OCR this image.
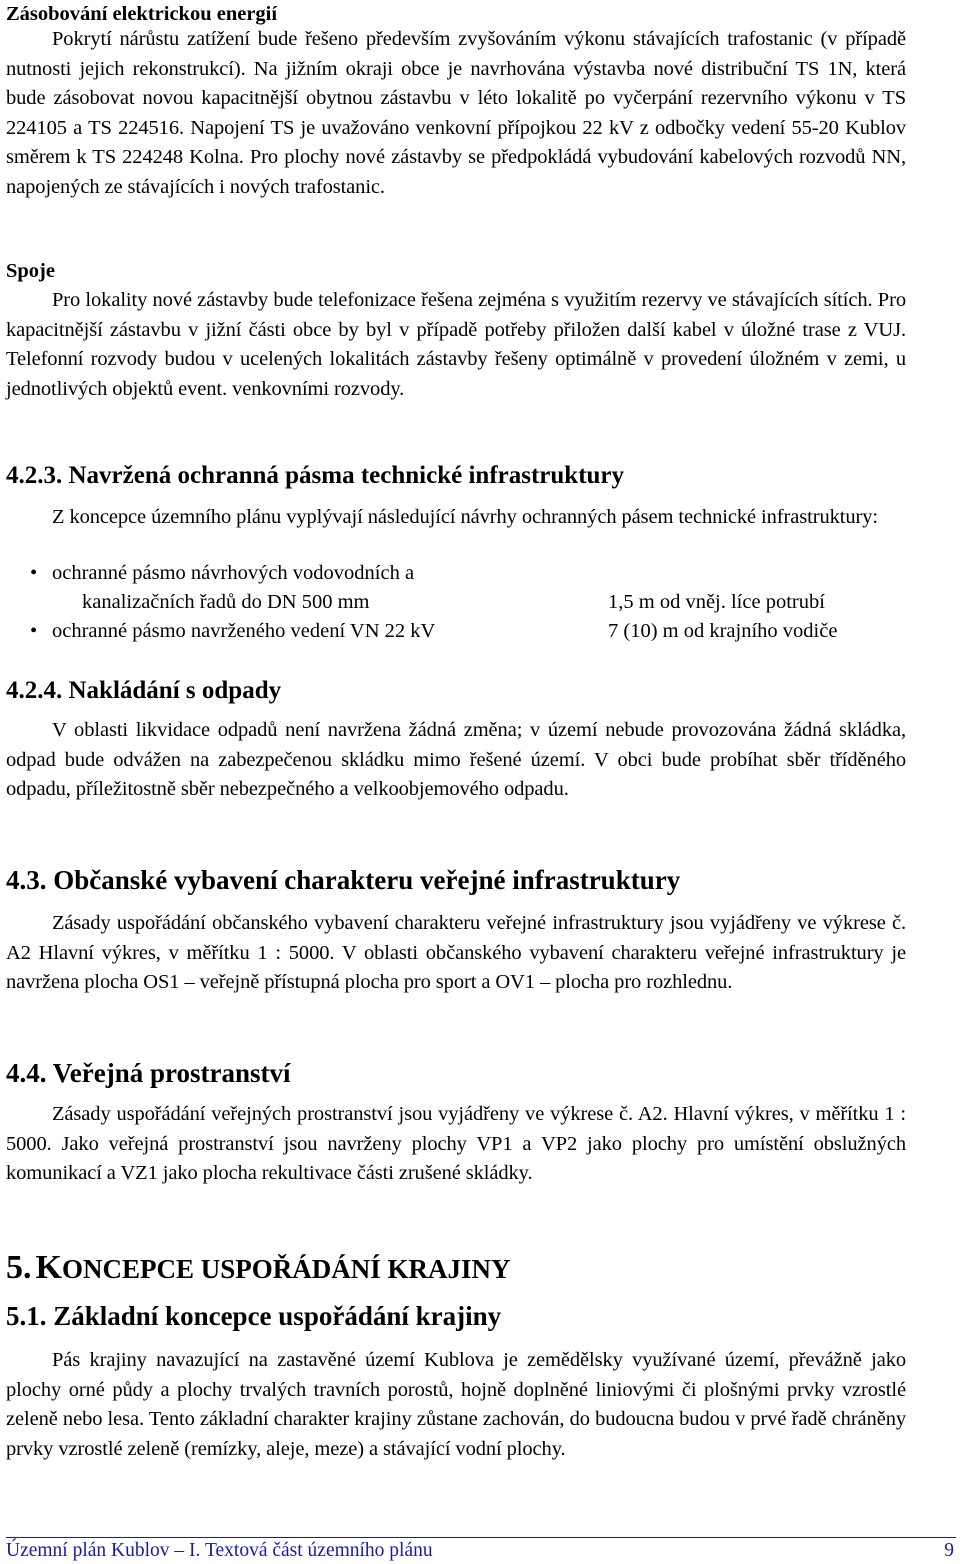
Zásobování elektrickou energií
Pokrytí nárůstu zatížení bude řešeno především zvyšováním výkonu stávajících trafostanic (v případě nutnosti jejich rekonstrukcí). Na jižním okraji obce je navrhována výstavba nové distribuční TS 1N, která bude zásobovat novou kapacitnější obytnou zástavbu v léto lokalitě po vyčerpání rezervního výkonu v TS 224105 a TS 224516. Napojení TS je uvažováno venkovní přípojkou 22 kV z odbočky vedení 55-20 Kublov směrem k TS 224248 Kolna. Pro plochy nové zástavby se předpokládá vybudování kabelových rozvodů NN, napojených ze stávajících i nových trafostanic.
Spoje
Pro lokality nové zástavby bude telefonizace řešena zejména s využitím rezervy ve stávajících sítích. Pro kapacitnější zástavbu v jižní části obce by byl v případě potřeby přiložen další kabel v úložné trase z VUJ. Telefonní rozvody budou v ucelených lokalitách zástavby řešeny optimálně v provedení úložném v zemi, u jednotlivých objektů event. venkovními rozvody.
4.2.3. Navržená ochranná pásma technické infrastruktury
Z koncepce územního plánu vyplývají následující návrhy ochranných pásem technické infrastruktury:
• ochranné pásmo návrhových vodovodních a
kanalizačních řadů do DN 500 mm	1,5 m od vněj. líce potrubí
• ochranné pásmo navrženého vedení VN 22 kV	7 (10) m od krajního vodiče
4.2.4. Nakládání s odpady
V oblasti likvidace odpadů není navržena žádná změna; v území nebude provozována žádná skládka, odpad bude odvážen na zabezpečenou skládku mimo řešené území. V obci bude probíhat sběr tříděného odpadu, příležitostně sběr nebezpečného a velkoobjemového odpadu.
4.3. Občanské vybavení charakteru veřejné infrastruktury
Zásady uspořádání občanského vybavení charakteru veřejné infrastruktury jsou vyjádřeny ve výkrese č. A2 Hlavní výkres, v měřítku 1 : 5000. V oblasti občanského vybavení charakteru veřejné infrastruktury je navržena plocha OS1 – veřejně přístupná plocha pro sport a OV1 – plocha pro rozhlednu.
4.4. Veřejná prostranství
Zásady uspořádání veřejných prostranství jsou vyjádřeny ve výkrese č. A2. Hlavní výkres, v měřítku 1 : 5000. Jako veřejná prostranství jsou navrženy plochy VP1 a VP2 jako plochy pro umístění obslužných komunikací a VZ1 jako plocha rekultivace části zrušené skládky.
5. KONCEPCE USPOŘÁDÁNÍ KRAJINY
5.1. Základní koncepce uspořádání krajiny
Pás krajiny navazující na zastavěné území Kublova je zemědělsky využívané území, převážně jako plochy orné půdy a plochy trvalých travních porostů, hojně doplněné liniovými či plošnými prvky vzrostlé zeleně nebo lesa. Tento základní charakter krajiny zůstane zachován, do budoucna budou v prvé řadě chráněny prvky vzrostlé zeleně (remízky, aleje, meze) a stávající vodní plochy.
Územní plán Kublov – I. Textová část územního plánu	9
